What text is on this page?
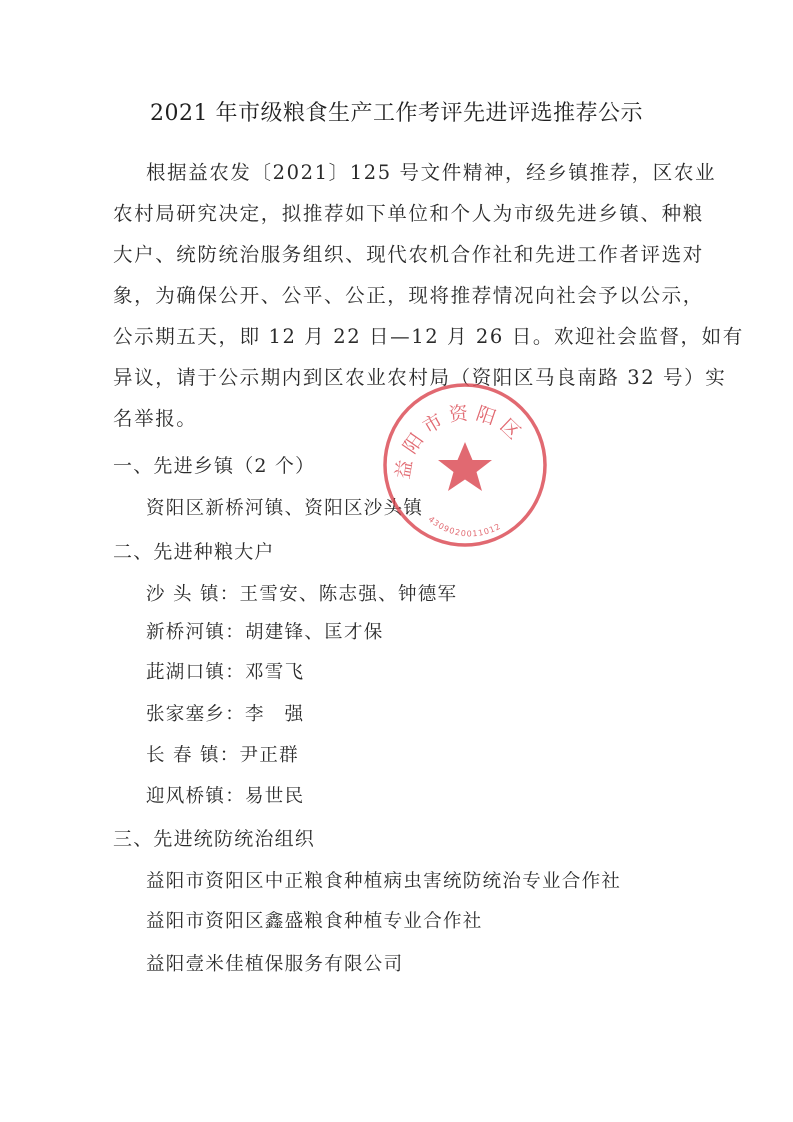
2021 年市级粮食生产工作考评先进评选推荐公示
根据益农发〔2021〕125 号文件精神，经乡镇推荐，区农业
农村局研究决定，拟推荐如下单位和个人为市级先进乡镇、种粮
大户、统防统治服务组织、现代农机合作社和先进工作者评选对
象，为确保公开、公平、公正，现将推荐情况向社会予以公示，
公示期五天，即 12 月 22 日—12 月 26 日。欢迎社会监督，如有
异议，请于公示期内到区农业农村局（资阳区马良南路 32 号）实
名举报。
一、先进乡镇（2 个）
资阳区新桥河镇、资阳区沙头镇
二、先进种粮大户
沙 头 镇：王雪安、陈志强、钟德军
新桥河镇：胡建锋、匡才保
茈湖口镇：邓雪飞
张家塞乡：李　强
长 春 镇：尹正群
迎风桥镇：易世民
三、先进统防统治组织
益阳市资阳区中正粮食种植病虫害统防统治专业合作社
益阳市资阳区鑫盛粮食种植专业合作社
益阳壹米佳植保服务有限公司
益阳市资阳区
4309020011012
